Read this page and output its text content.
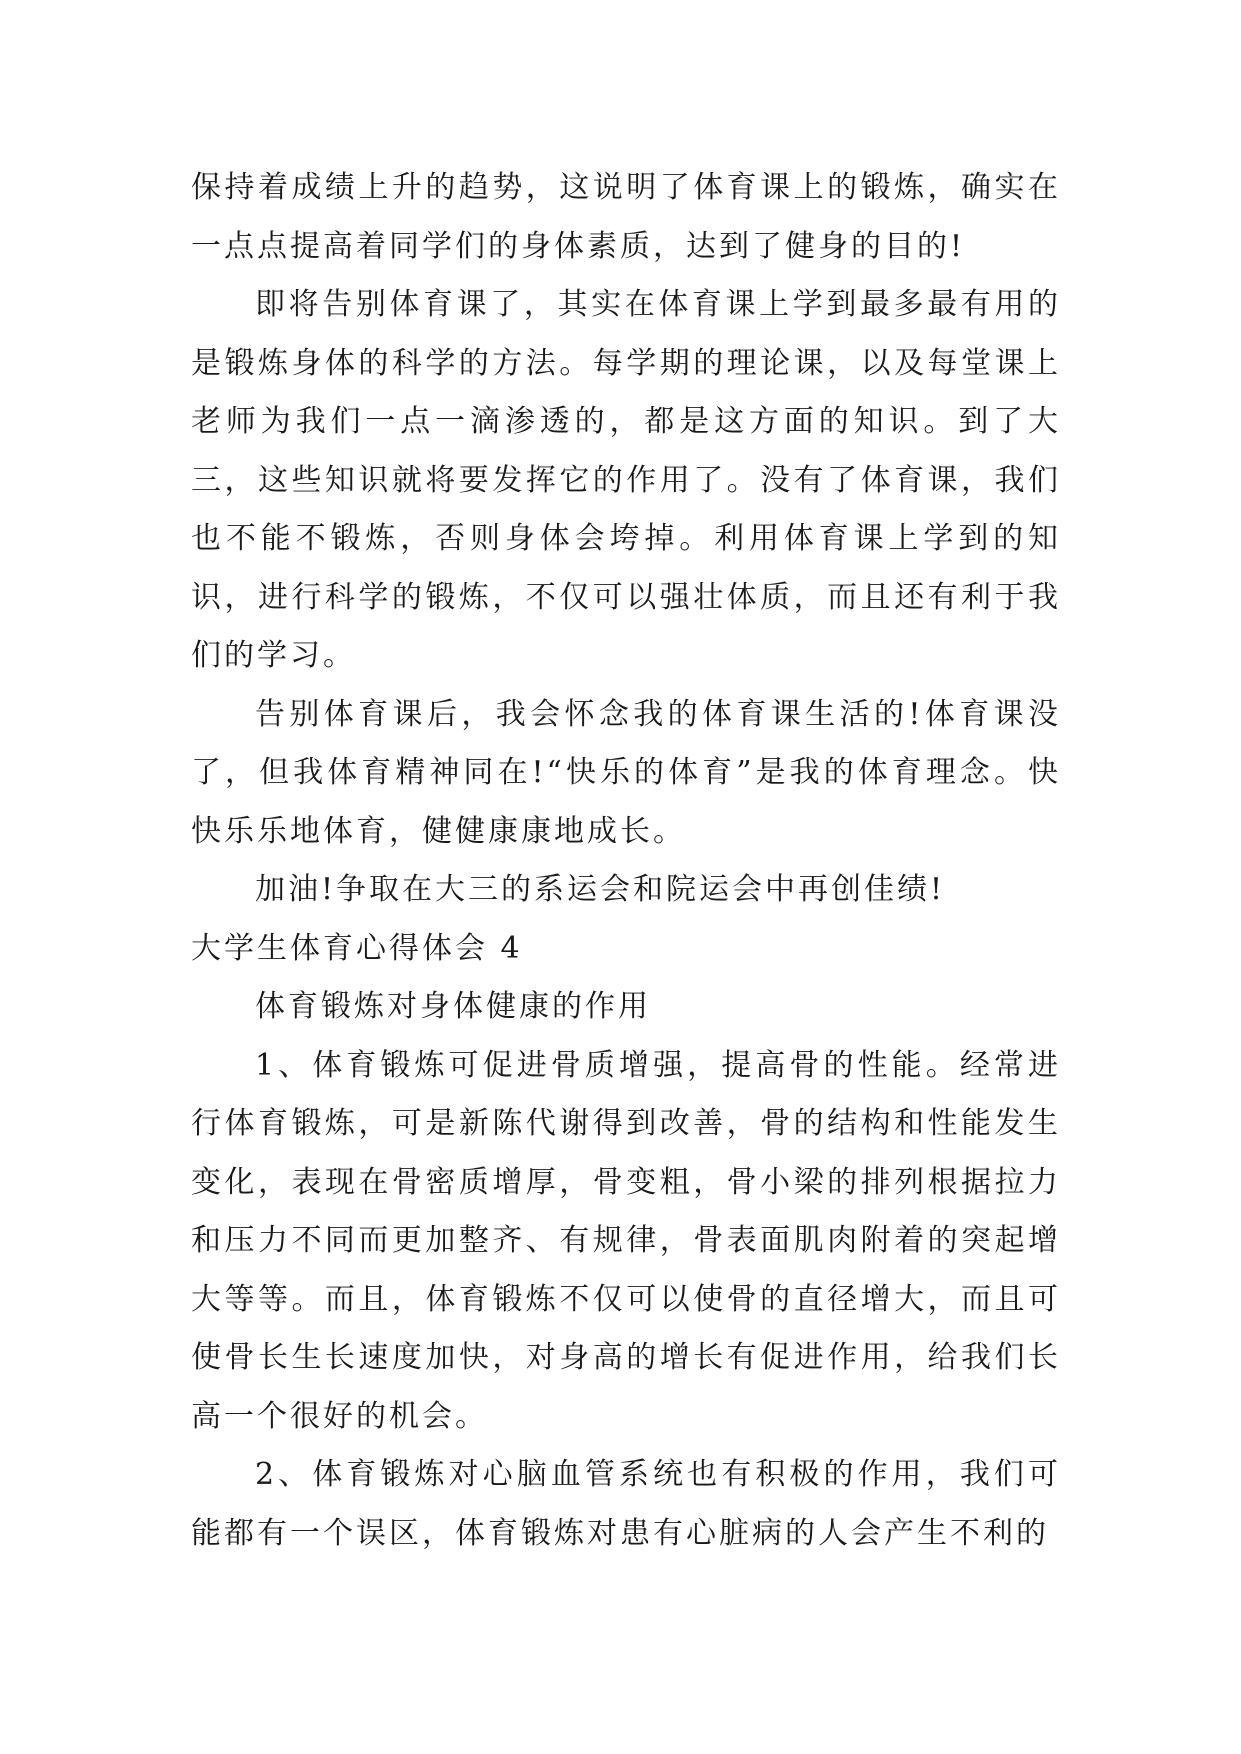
保持着成绩上升的趋势，这说明了体育课上的锻炼，确实在一点点提高着同学们的身体素质，达到了健身的目的!

即将告别体育课了，其实在体育课上学到最多最有用的是锻炼身体的科学的方法。每学期的理论课，以及每堂课上老师为我们一点一滴渗透的，都是这方面的知识。到了大三，这些知识就将要发挥它的作用了。没有了体育课，我们也不能不锻炼，否则身体会垮掉。利用体育课上学到的知识，进行科学的锻炼，不仅可以强壮体质，而且还有利于我们的学习。

告别体育课后，我会怀念我的体育课生活的!体育课没了，但我体育精神同在!“快乐的体育”是我的体育理念。快快乐乐地体育，健健康康地成长。

加油!争取在大三的系运会和院运会中再创佳绩!

大学生体育心得体会 4

体育锻炼对身体健康的作用

1、体育锻炼可促进骨质增强，提高骨的性能。经常进行体育锻炼，可是新陈代谢得到改善，骨的结构和性能发生变化，表现在骨密质增厚，骨变粗，骨小梁的排列根据拉力和压力不同而更加整齐、有规律，骨表面肌肉附着的突起增大等等。而且，体育锻炼不仅可以使骨的直径增大，而且可使骨长生长速度加快，对身高的增长有促进作用，给我们长高一个很好的机会。

2、体育锻炼对心脑血管系统也有积极的作用，我们可能都有一个误区，体育锻炼对患有心脏病的人会产生不利的
